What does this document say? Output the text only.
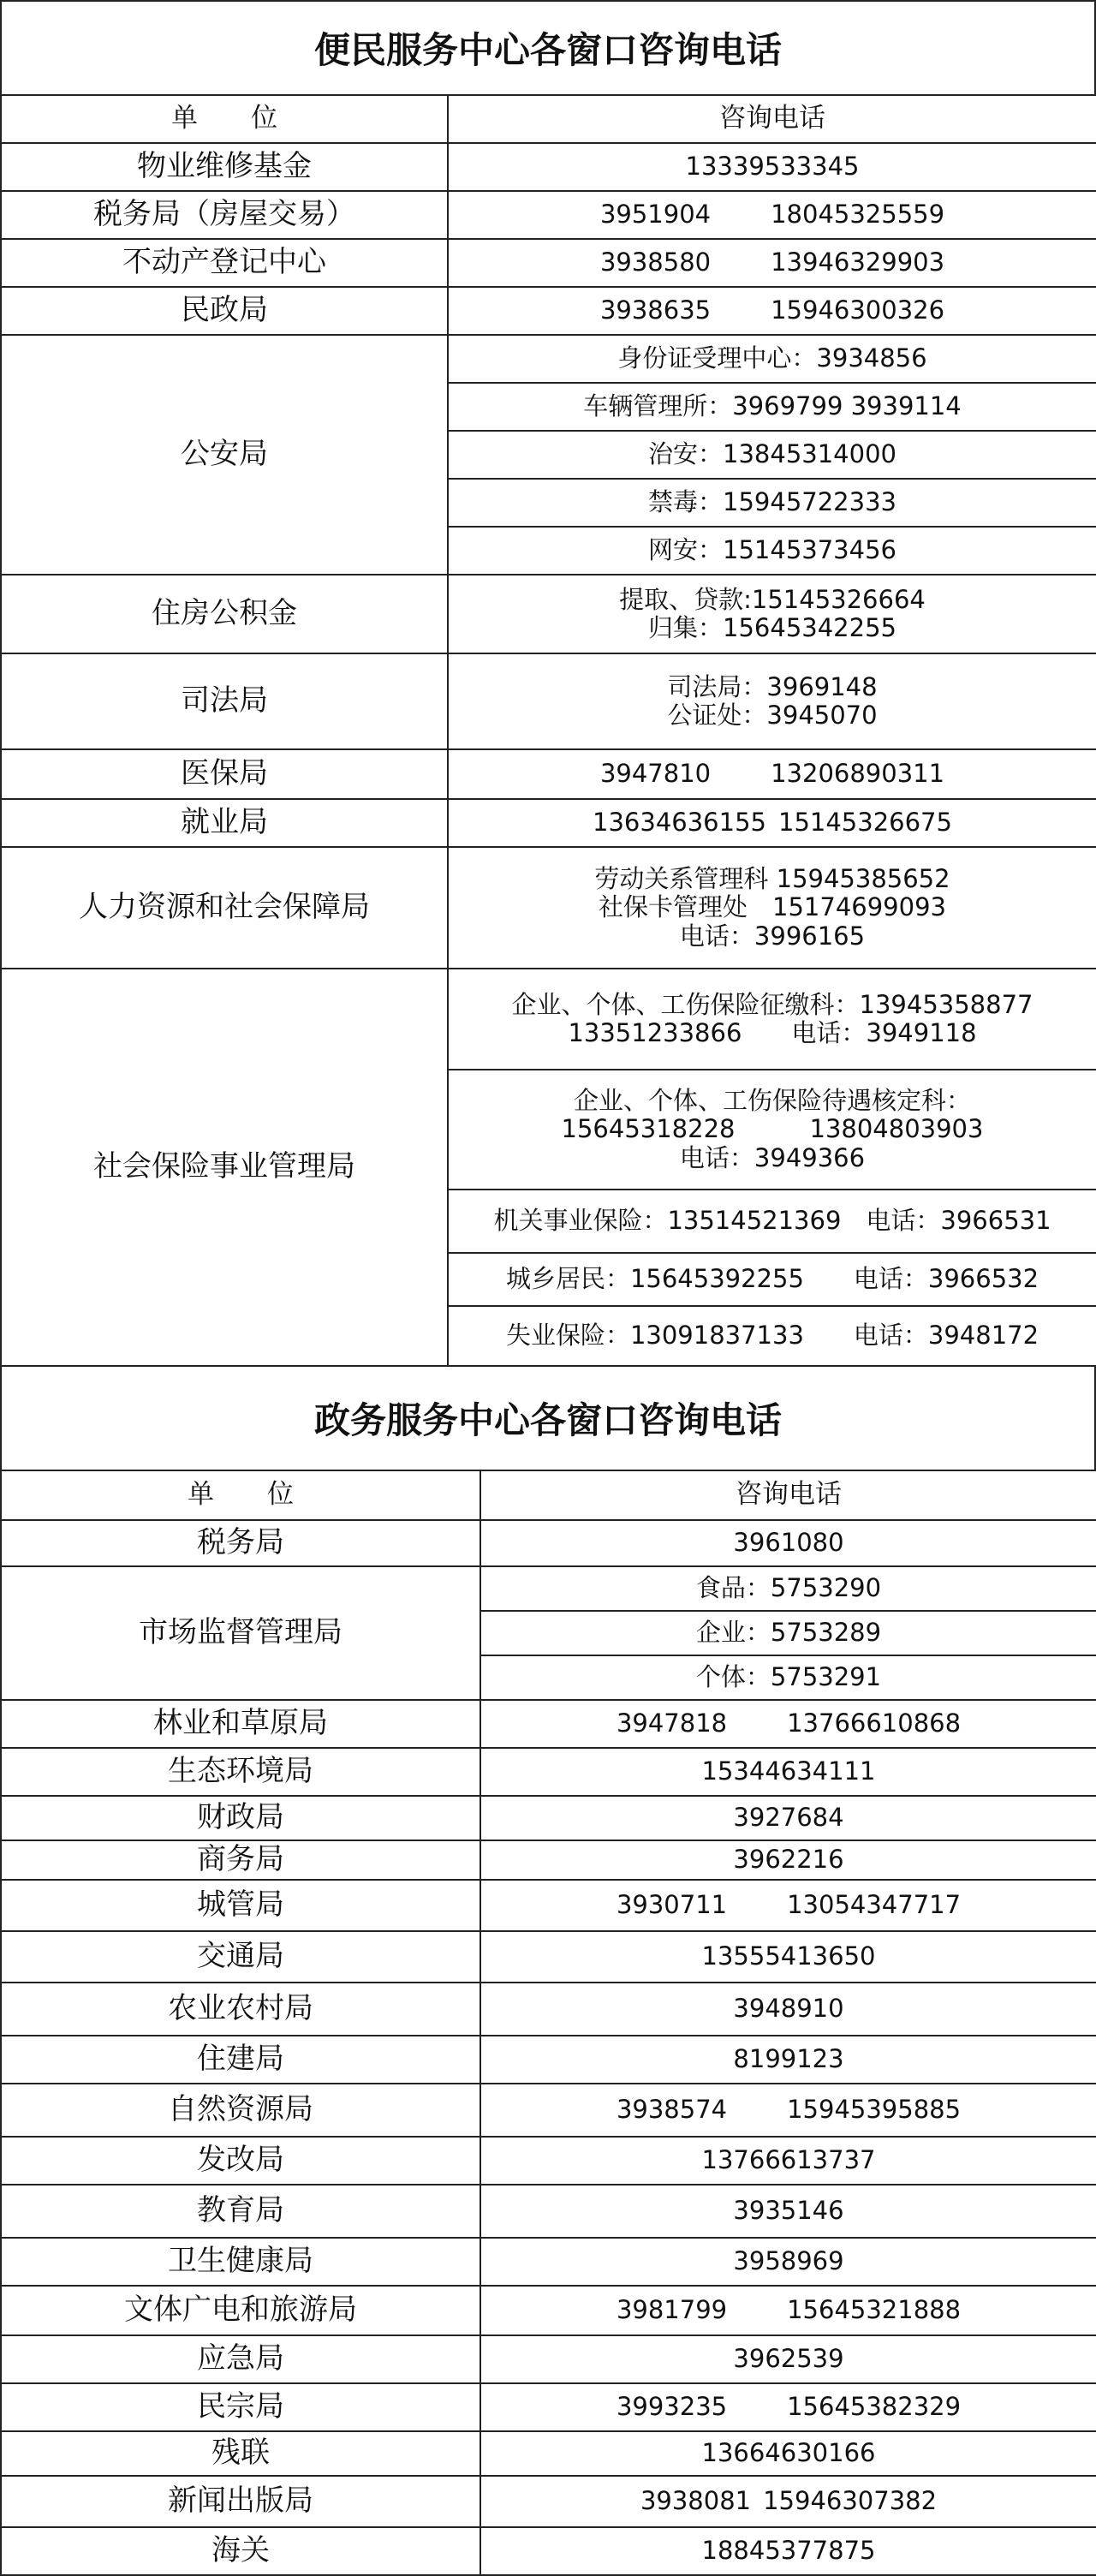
便民服务中心各窗口咨询电话
单　　位	咨询电话
物业维修基金	13339533345
税务局（房屋交易）	3951904 18045325559
不动产登记中心	3938580 13946329903
民政局	3938635 15946300326
公安局	身份证受理中心：3934856
	车辆管理所：3969799 3939114
	治安：13845314000
	禁毒：15945722333
	网安：15145373456
住房公积金	提取、贷款:15145326664
归集：15645342255

司法局	司法局：3969148
公证处：3945070

医保局	3947810 13206890311
就业局	13634636155 15145326675
人力资源和社会保障局	劳动关系管理科 15945385652
社保卡管理处　15174699093
电话：3996165

社会保险事业管理局	企业、个体、工伤保险征缴科：13945358877
13351233866　　电话：3949118

	企业、个体、工伤保险待遇核定科：
15645318228　　　13804803903
电话：3949366

	机关事业保险：13514521369　电话：3966531
	城乡居民：15645392255　　电话：3966532
	失业保险：13091837133　　电话：3948172
政务服务中心各窗口咨询电话
单　　位	咨询电话
税务局	3961080
市场监督管理局	食品：5753290
	企业：5753289
	个体：5753291
林业和草原局	3947818 13766610868
生态环境局	15344634111
财政局	3927684
商务局	3962216
城管局	3930711 13054347717
交通局	13555413650
农业农村局	3948910
住建局	8199123
自然资源局	3938574 15945395885
发改局	13766613737
教育局	3935146
卫生健康局	3958969
文体广电和旅游局	3981799 15645321888
应急局	3962539
民宗局	3993235 15645382329
残联	13664630166
新闻出版局	3938081 15946307382
海关	18845377875
